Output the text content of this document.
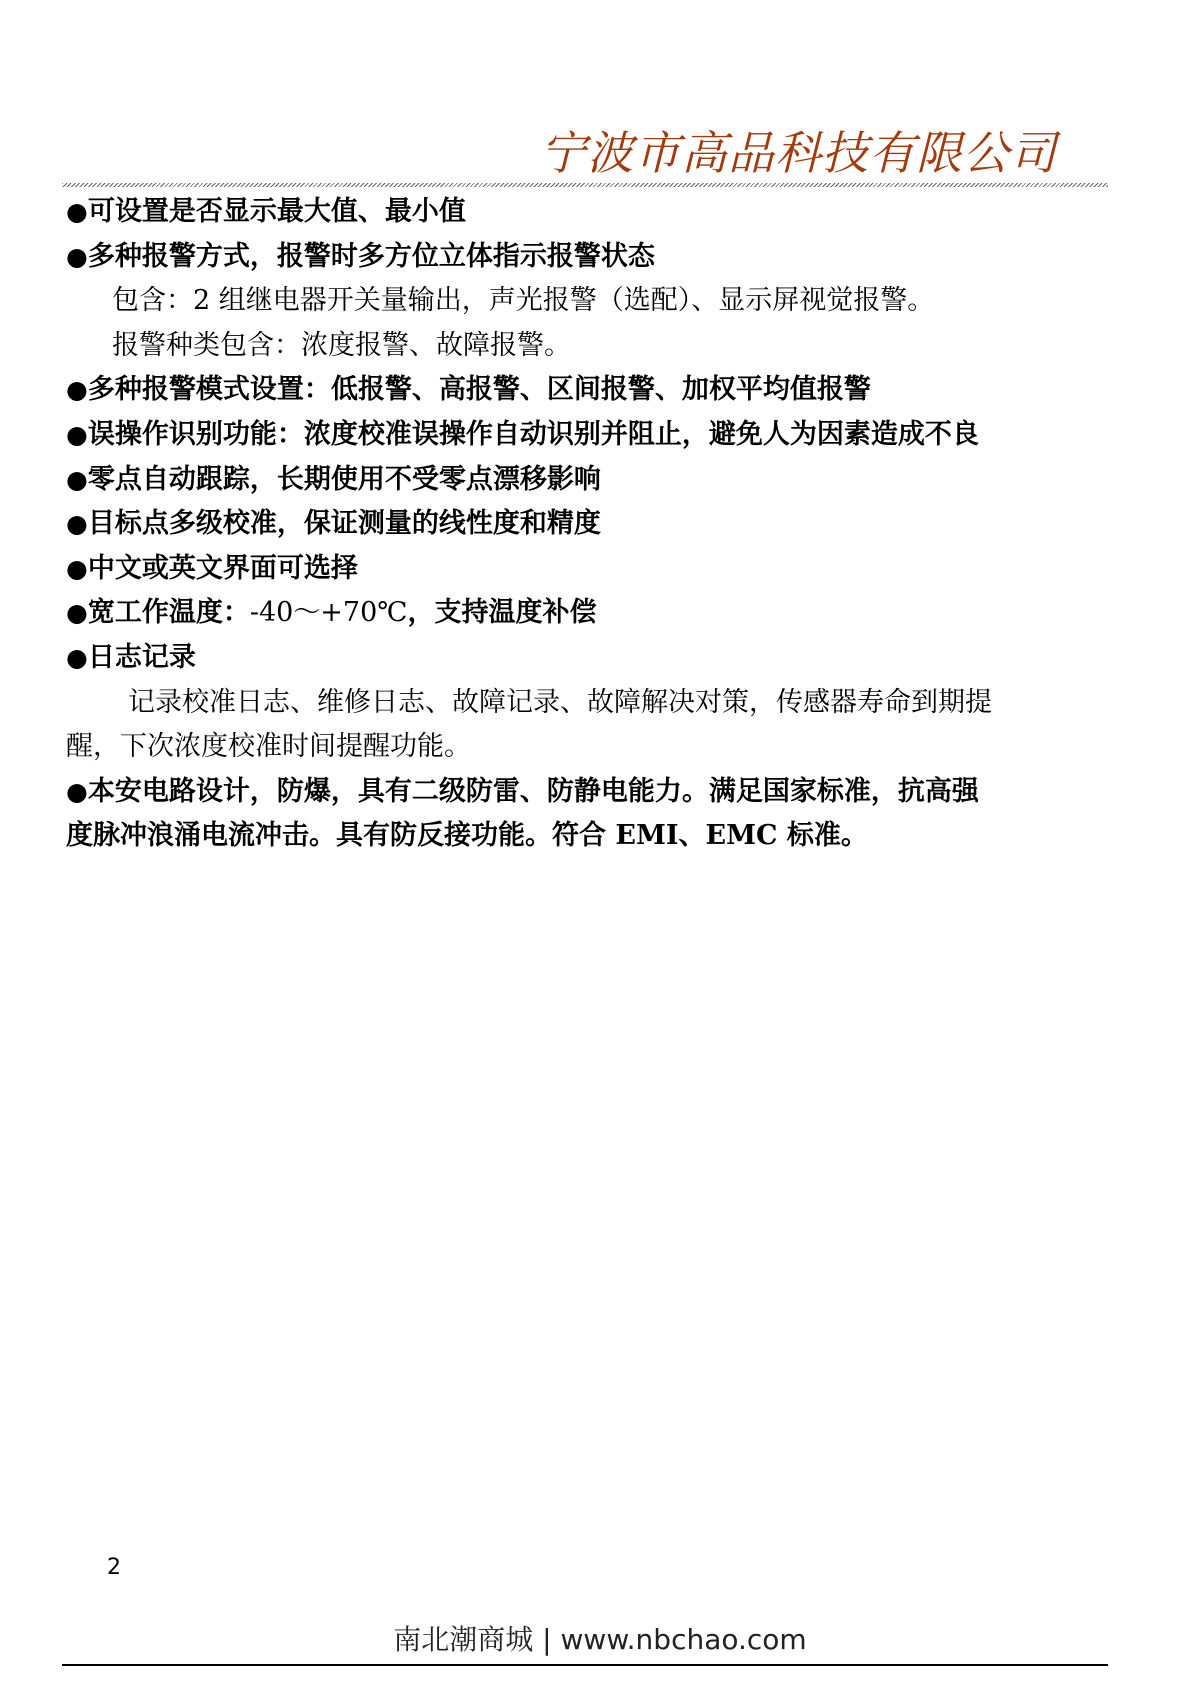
宁波市高品科技有限公司
●可设置是否显示最大值、最小值
●多种报警方式，报警时多方位立体指示报警状态
包含：2 组继电器开关量输出，声光报警（选配）、显示屏视觉报警。
报警种类包含：浓度报警、故障报警。
●多种报警模式设置：低报警、高报警、区间报警、加权平均值报警
●误操作识别功能：浓度校准误操作自动识别并阻止，避免人为因素造成不良
●零点自动跟踪，长期使用不受零点漂移影响
●目标点多级校准，保证测量的线性度和精度
●中文或英文界面可选择
●宽工作温度：-40～+70℃，支持温度补偿
●日志记录
记录校准日志、维修日志、故障记录、故障解决对策，传感器寿命到期提
醒，下次浓度校准时间提醒功能。
●本安电路设计，防爆，具有二级防雷、防静电能力。满足国家标准，抗高强
度脉冲浪涌电流冲击。具有防反接功能。符合 EMI、EMC 标准。
2
南北潮商城 | www.nbchao.com
